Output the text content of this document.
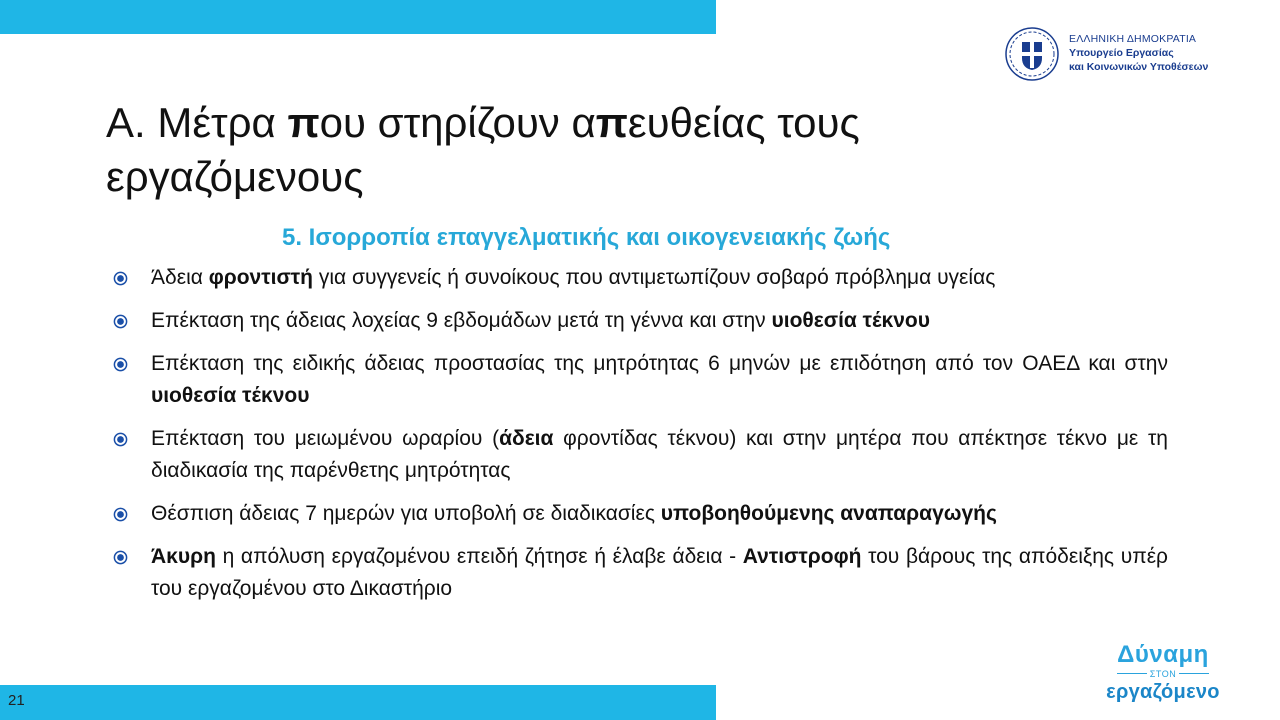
ΕΛΛΗΝΙΚΗ ΔΗΜΟΚΡΑΤΙΑ
Υπουργείο Εργασίας
και Κοινωνικών Υποθέσεων
Α. Μέτρα που στηρίζουν απευθείας τους
εργαζόμενους
5. Ισορροπία επαγγελματικής και οικογενειακής ζωής
Άδεια φροντιστή για συγγενείς ή συνοίκους που αντιμετωπίζουν σοβαρό πρόβλημα υγείας
Επέκταση της άδειας λοχείας 9 εβδομάδων μετά τη γέννα και στην υιοθεσία τέκνου
Επέκταση της ειδικής άδειας προστασίας της μητρότητας 6 μηνών με επιδότηση από τον ΟΑΕΔ και στην υιοθεσία τέκνου
Επέκταση του μειωμένου ωραρίου (άδεια φροντίδας τέκνου) και στην μητέρα που απέκτησε τέκνο με τη διαδικασία της παρένθετης μητρότητας
Θέσπιση άδειας 7 ημερών για υποβολή σε διαδικασίες υποβοηθούμενης αναπαραγωγής
Άκυρη η απόλυση εργαζομένου επειδή ζήτησε ή έλαβε άδεια - Αντιστροφή του βάρους της απόδειξης υπέρ του εργαζομένου στο Δικαστήριο
21
Δύναμη
ΣΤΟΝ
εργαζόμενο
